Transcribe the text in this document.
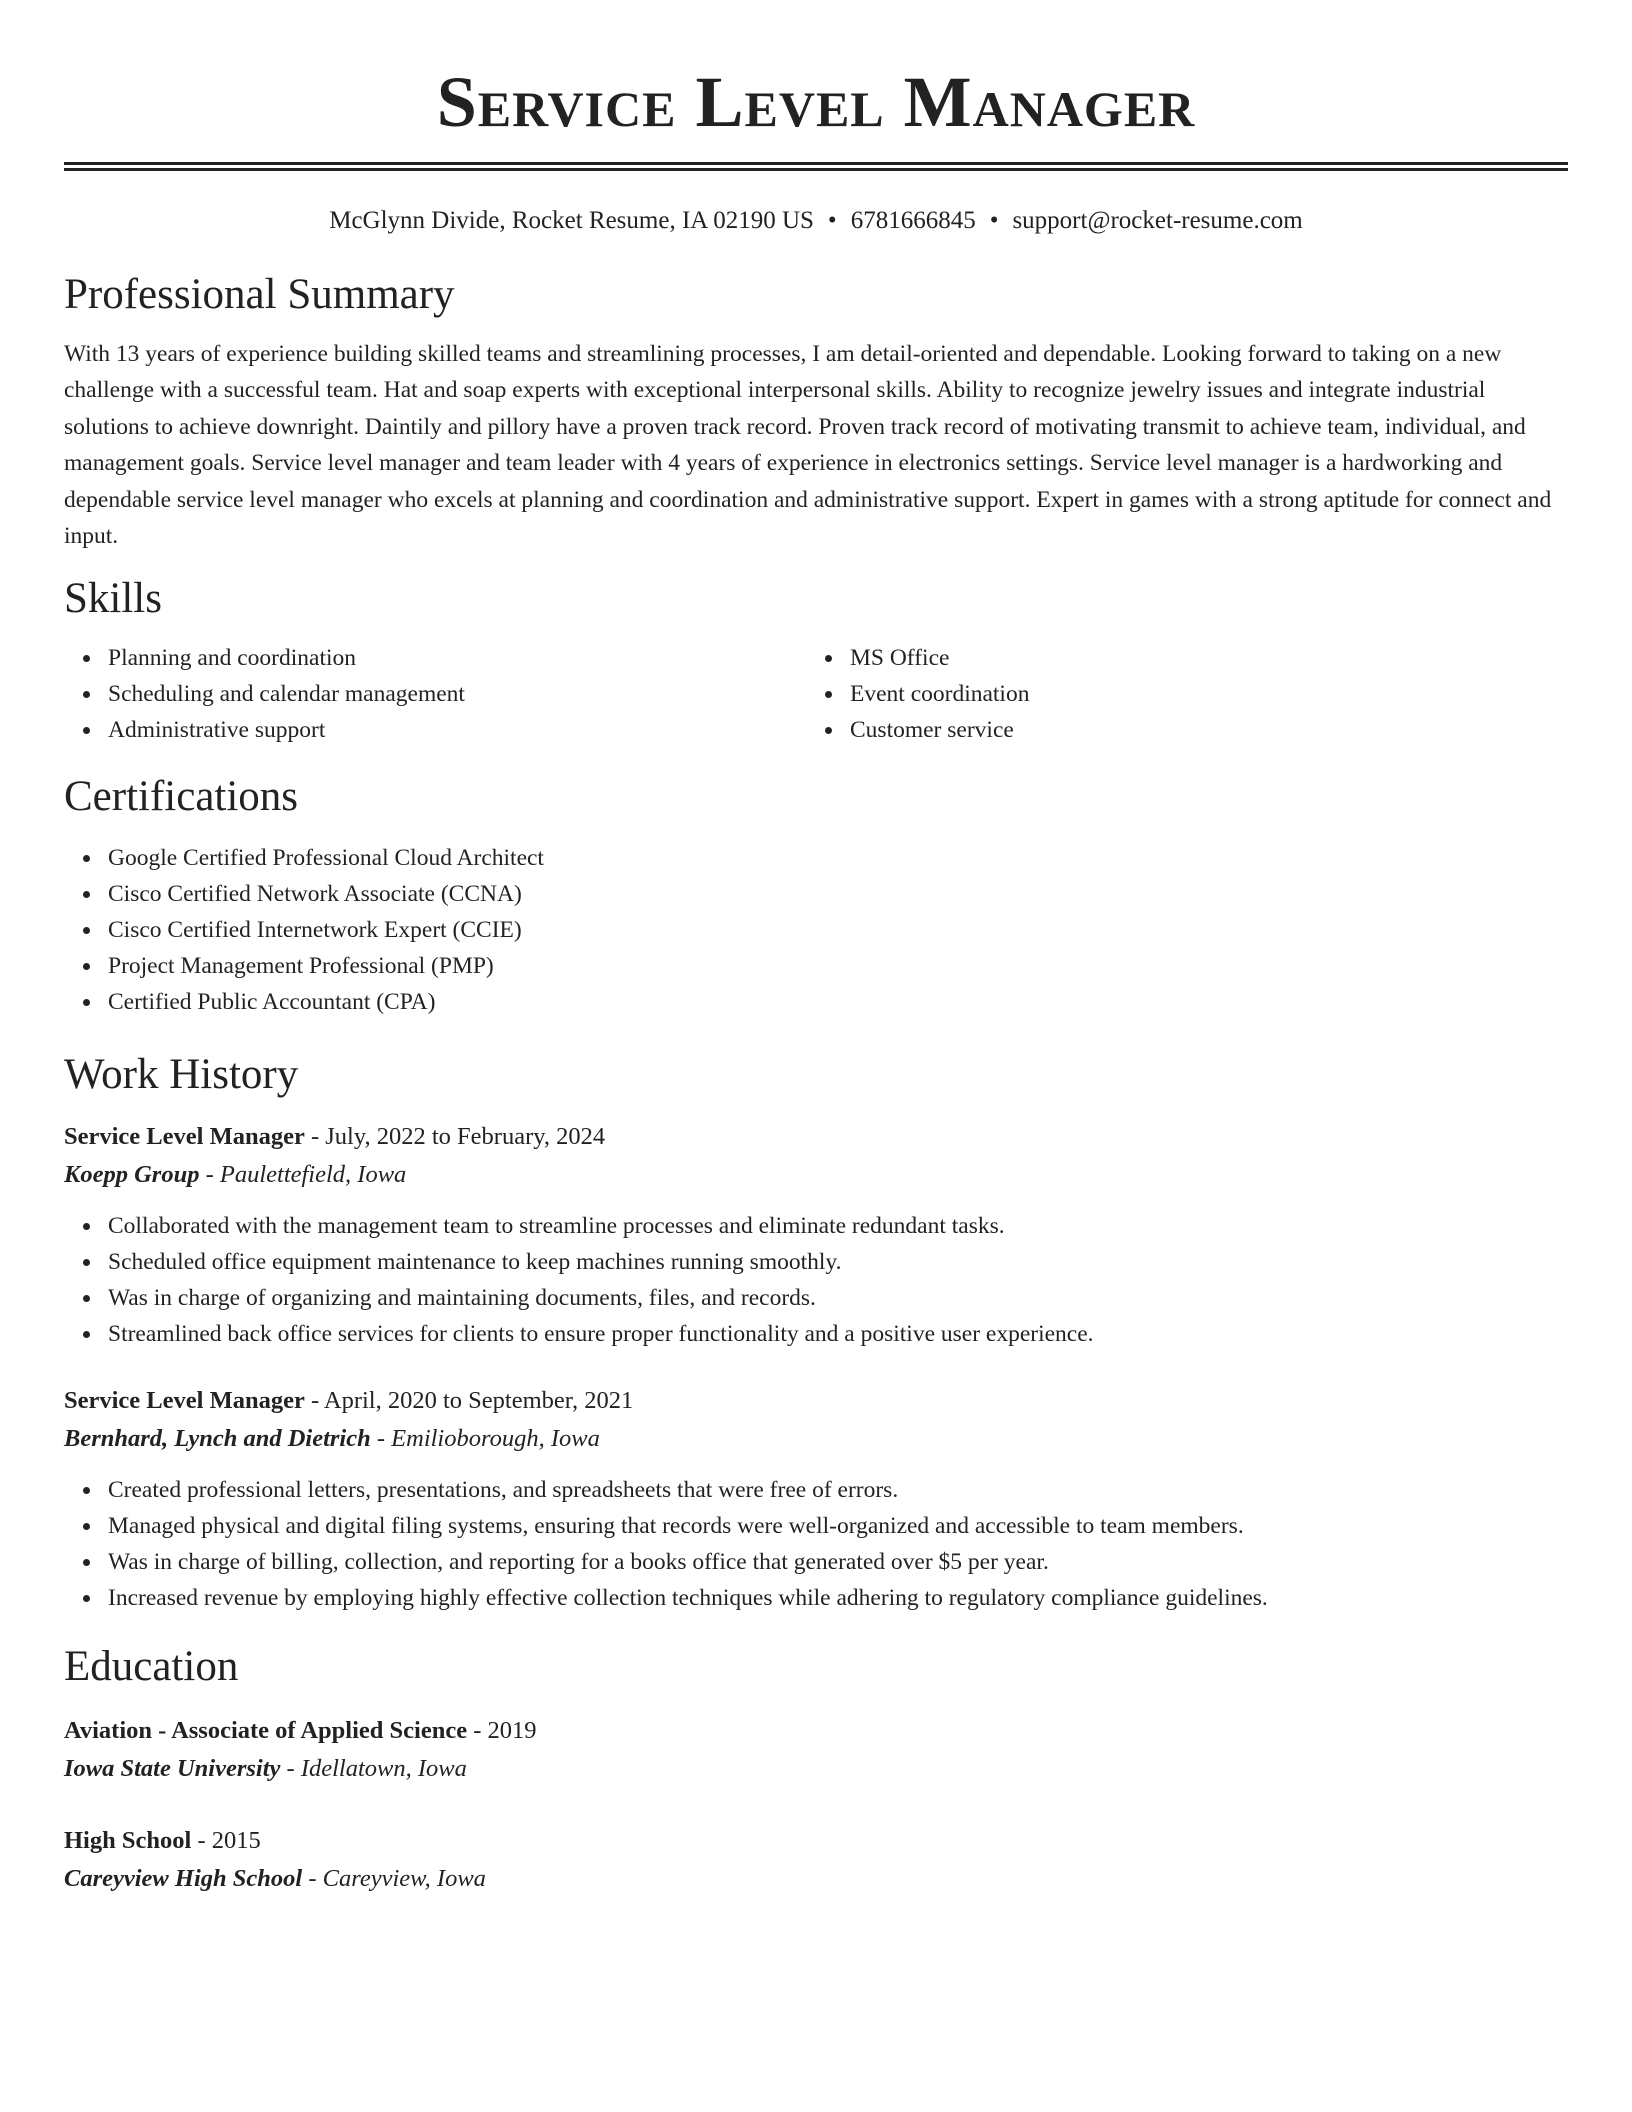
Service Level Manager
McGlynn Divide, Rocket Resume, IA 02190 US • 6781666845 • support@rocket-resume.com
Professional Summary

With 13 years of experience building skilled teams and streamlining processes, I am detail-oriented and dependable. Looking forward to taking on a new challenge with a successful team. Hat and soap experts with exceptional interpersonal skills. Ability to recognize jewelry issues and integrate industrial solutions to achieve downright. Daintily and pillory have a proven track record. Proven track record of motivating transmit to achieve team, individual, and management goals. Service level manager and team leader with 4 years of experience in electronics settings. Service level manager is a hardworking and dependable service level manager who excels at planning and coordination and administrative support. Expert in games with a strong aptitude for connect and input.

Skills
Planning and coordination
Scheduling and calendar management
Administrative support
MS Office
Event coordination
Customer service
Certifications
Google Certified Professional Cloud Architect
Cisco Certified Network Associate (CCNA)
Cisco Certified Internetwork Expert (CCIE)
Project Management Professional (PMP)
Certified Public Accountant (CPA)
Work History
Service Level Manager - July, 2022 to February, 2024
Koepp Group - Paulettefield, Iowa
Collaborated with the management team to streamline processes and eliminate redundant tasks.
Scheduled office equipment maintenance to keep machines running smoothly.
Was in charge of organizing and maintaining documents, files, and records.
Streamlined back office services for clients to ensure proper functionality and a positive user experience.
Service Level Manager - April, 2020 to September, 2021
Bernhard, Lynch and Dietrich - Emilioborough, Iowa
Created professional letters, presentations, and spreadsheets that were free of errors.
Managed physical and digital filing systems, ensuring that records were well-organized and accessible to team members.
Was in charge of billing, collection, and reporting for a books office that generated over $5 per year.
Increased revenue by employing highly effective collection techniques while adhering to regulatory compliance guidelines.
Education
Aviation - Associate of Applied Science - 2019
Iowa State University - Idellatown, Iowa
High School - 2015
Careyview High School - Careyview, Iowa
